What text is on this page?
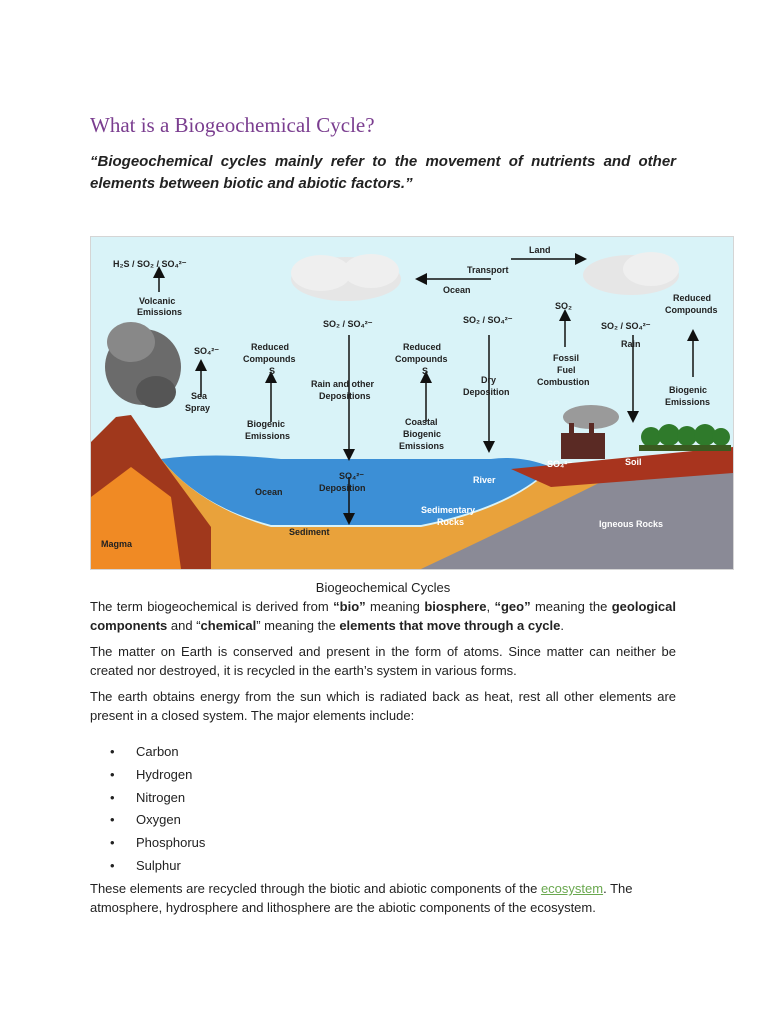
What is a Biogeochemical Cycle?

“Biogeochemical cycles mainly refer to the movement of nutrients and other elements between biotic and abiotic factors.”

H₂S / SO₂ / SO₄²⁻
Volcanic
Emissions
Land
Transport
Ocean
SO₂
SO₂ / SO₄²⁻	SO₂ / SO₄²⁻
SO₂ / SO₄²⁻
Reduced
Compounds
SO₄²⁻	Reduced
Compounds
S
Reduced
Compounds
S
Fossil
Fuel
Combustion
Rain
Sea
Spray
Rain and other
Depositions
Dry
Deposition	Biogenic
Emissions
Biogenic
Emissions
Coastal
Biogenic
Emissions
SO₄²⁻
Deposition
Ocean
River
SO₄²⁻	Soil
Sedimentary
Rocks	Igneous Rocks
Sediment
Magma

Biogeochemical Cycles

The term biogeochemical is derived from “bio” meaning biosphere, “geo” meaning the geological components and “chemical” meaning the elements that move through a cycle.

The matter on Earth is conserved and present in the form of atoms. Since matter can neither be created nor destroyed, it is recycled in the earth’s system in various forms.

The earth obtains energy from the sun which is radiated back as heat, rest all other elements are present in a closed system. The major elements include:

• Carbon
• Hydrogen
• Nitrogen
• Oxygen
• Phosphorus
• Sulphur

These elements are recycled through the biotic and abiotic components of the ecosystem. The atmosphere, hydrosphere and lithosphere are the abiotic components of the ecosystem.
